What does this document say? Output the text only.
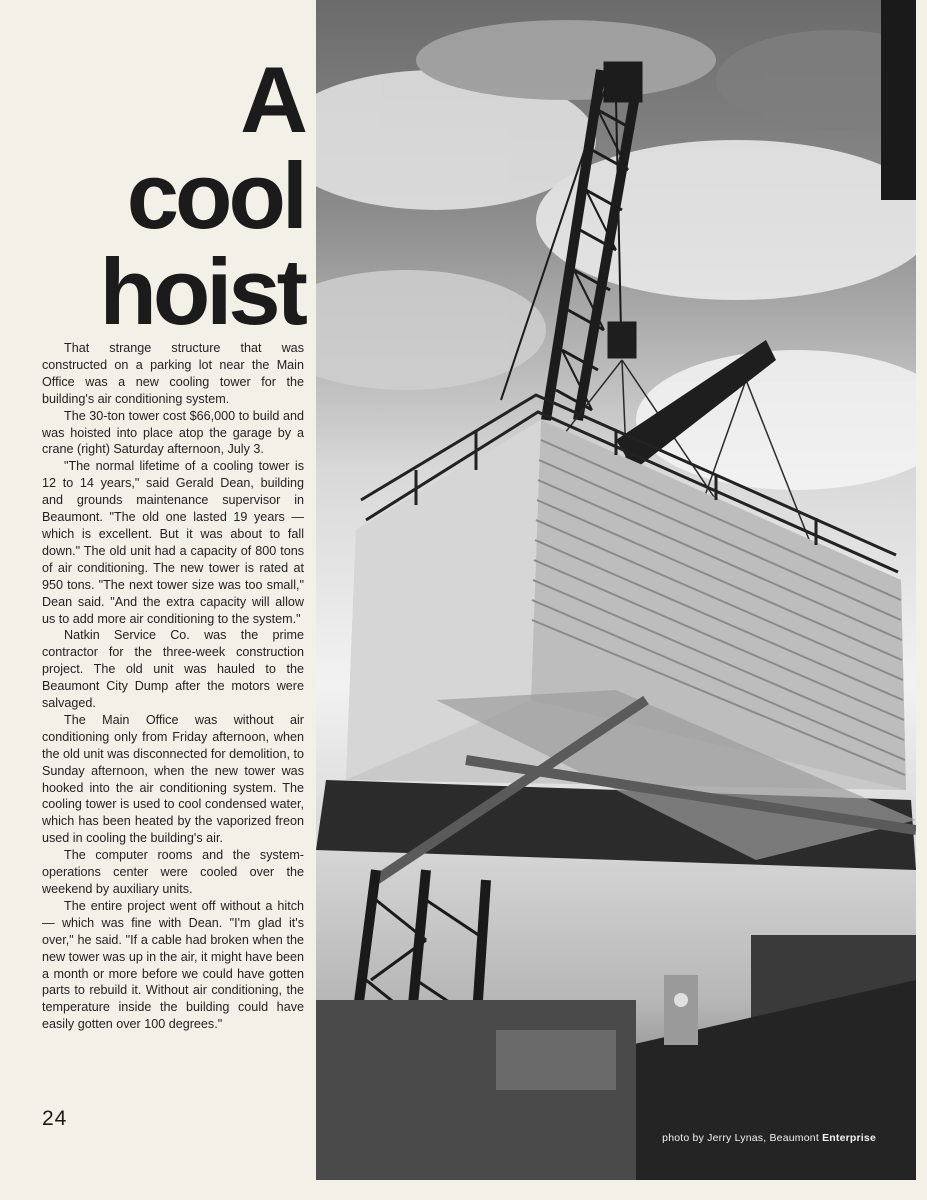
A
cool
hoist

That strange structure that was constructed on a parking lot near the Main Office was a new cooling tower for the building's air conditioning system.

The 30-ton tower cost $66,000 to build and was hoisted into place atop the garage by a crane (right) Saturday afternoon, July 3.

"The normal lifetime of a cooling tower is 12 to 14 years," said Gerald Dean, building and grounds maintenance supervisor in Beaumont. "The old one lasted 19 years — which is excellent. But it was about to fall down." The old unit had a capacity of 800 tons of air conditioning. The new tower is rated at 950 tons. "The next tower size was too small," Dean said. "And the extra capacity will allow us to add more air conditioning to the system."

Natkin Service Co. was the prime contractor for the three-week construction project. The old unit was hauled to the Beaumont City Dump after the motors were salvaged.

The Main Office was without air conditioning only from Friday afternoon, when the old unit was disconnected for demolition, to Sunday afternoon, when the new tower was hooked into the air conditioning system. The cooling tower is used to cool condensed water, which has been heated by the vaporized freon used in cooling the building's air.

The computer rooms and the system-operations center were cooled over the weekend by auxiliary units.

The entire project went off without a hitch — which was fine with Dean. "I'm glad it's over," he said. "If a cable had broken when the new tower was up in the air, it might have been a month or more before we could have gotten parts to rebuild it. Without air conditioning, the temperature inside the building could have easily gotten over 100 degrees."

24
photo by Jerry Lynas, Beaumont Enterprise
